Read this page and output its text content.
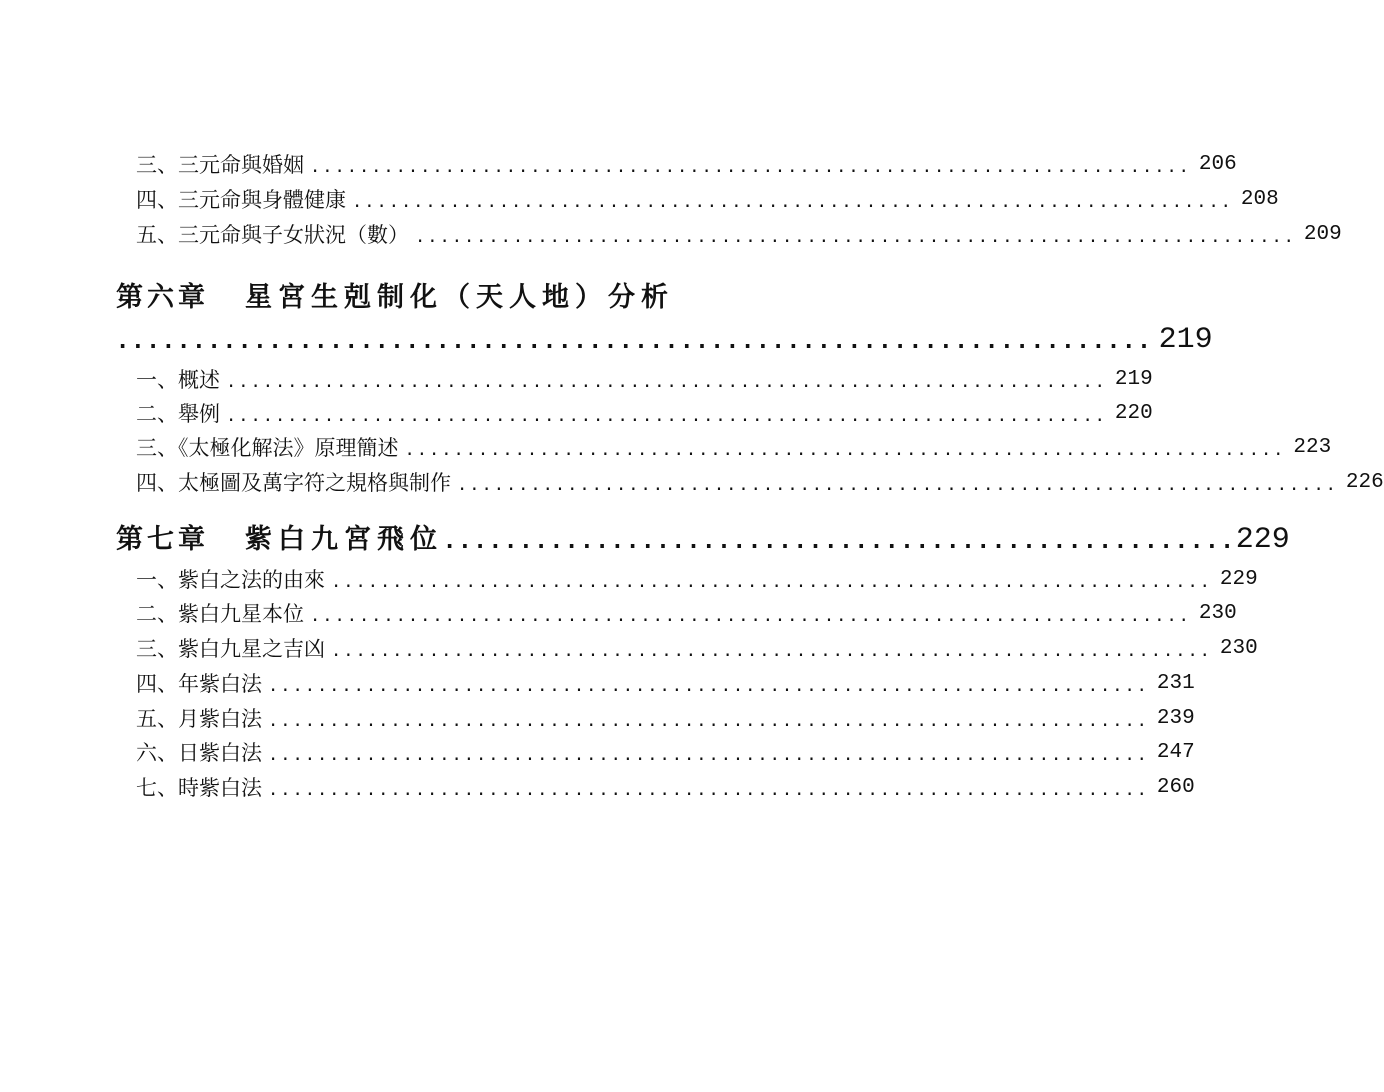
三、三元命與婚姻 ........................................................................ 206
四、三元命與身體健康 ........................................................................ 208
五、三元命與子女狀況（數） ........................................................................ 209
第六章 星宮生剋制化（天人地）分析
.................................................................... 219
一、概述 ........................................................................ 219
二、舉例 ........................................................................ 220
三、《太極化解法》原理簡述 ........................................................................ 223
四、太極圖及萬字符之規格與制作 ........................................................................ 226
第七章 紫白九宮飛位 .................................................... 229
一、紫白之法的由來 ........................................................................ 229
二、紫白九星本位 ........................................................................ 230
三、紫白九星之吉凶 ........................................................................ 230
四、年紫白法 ........................................................................ 231
五、月紫白法 ........................................................................ 239
六、日紫白法 ........................................................................ 247
七、時紫白法 ........................................................................ 260
